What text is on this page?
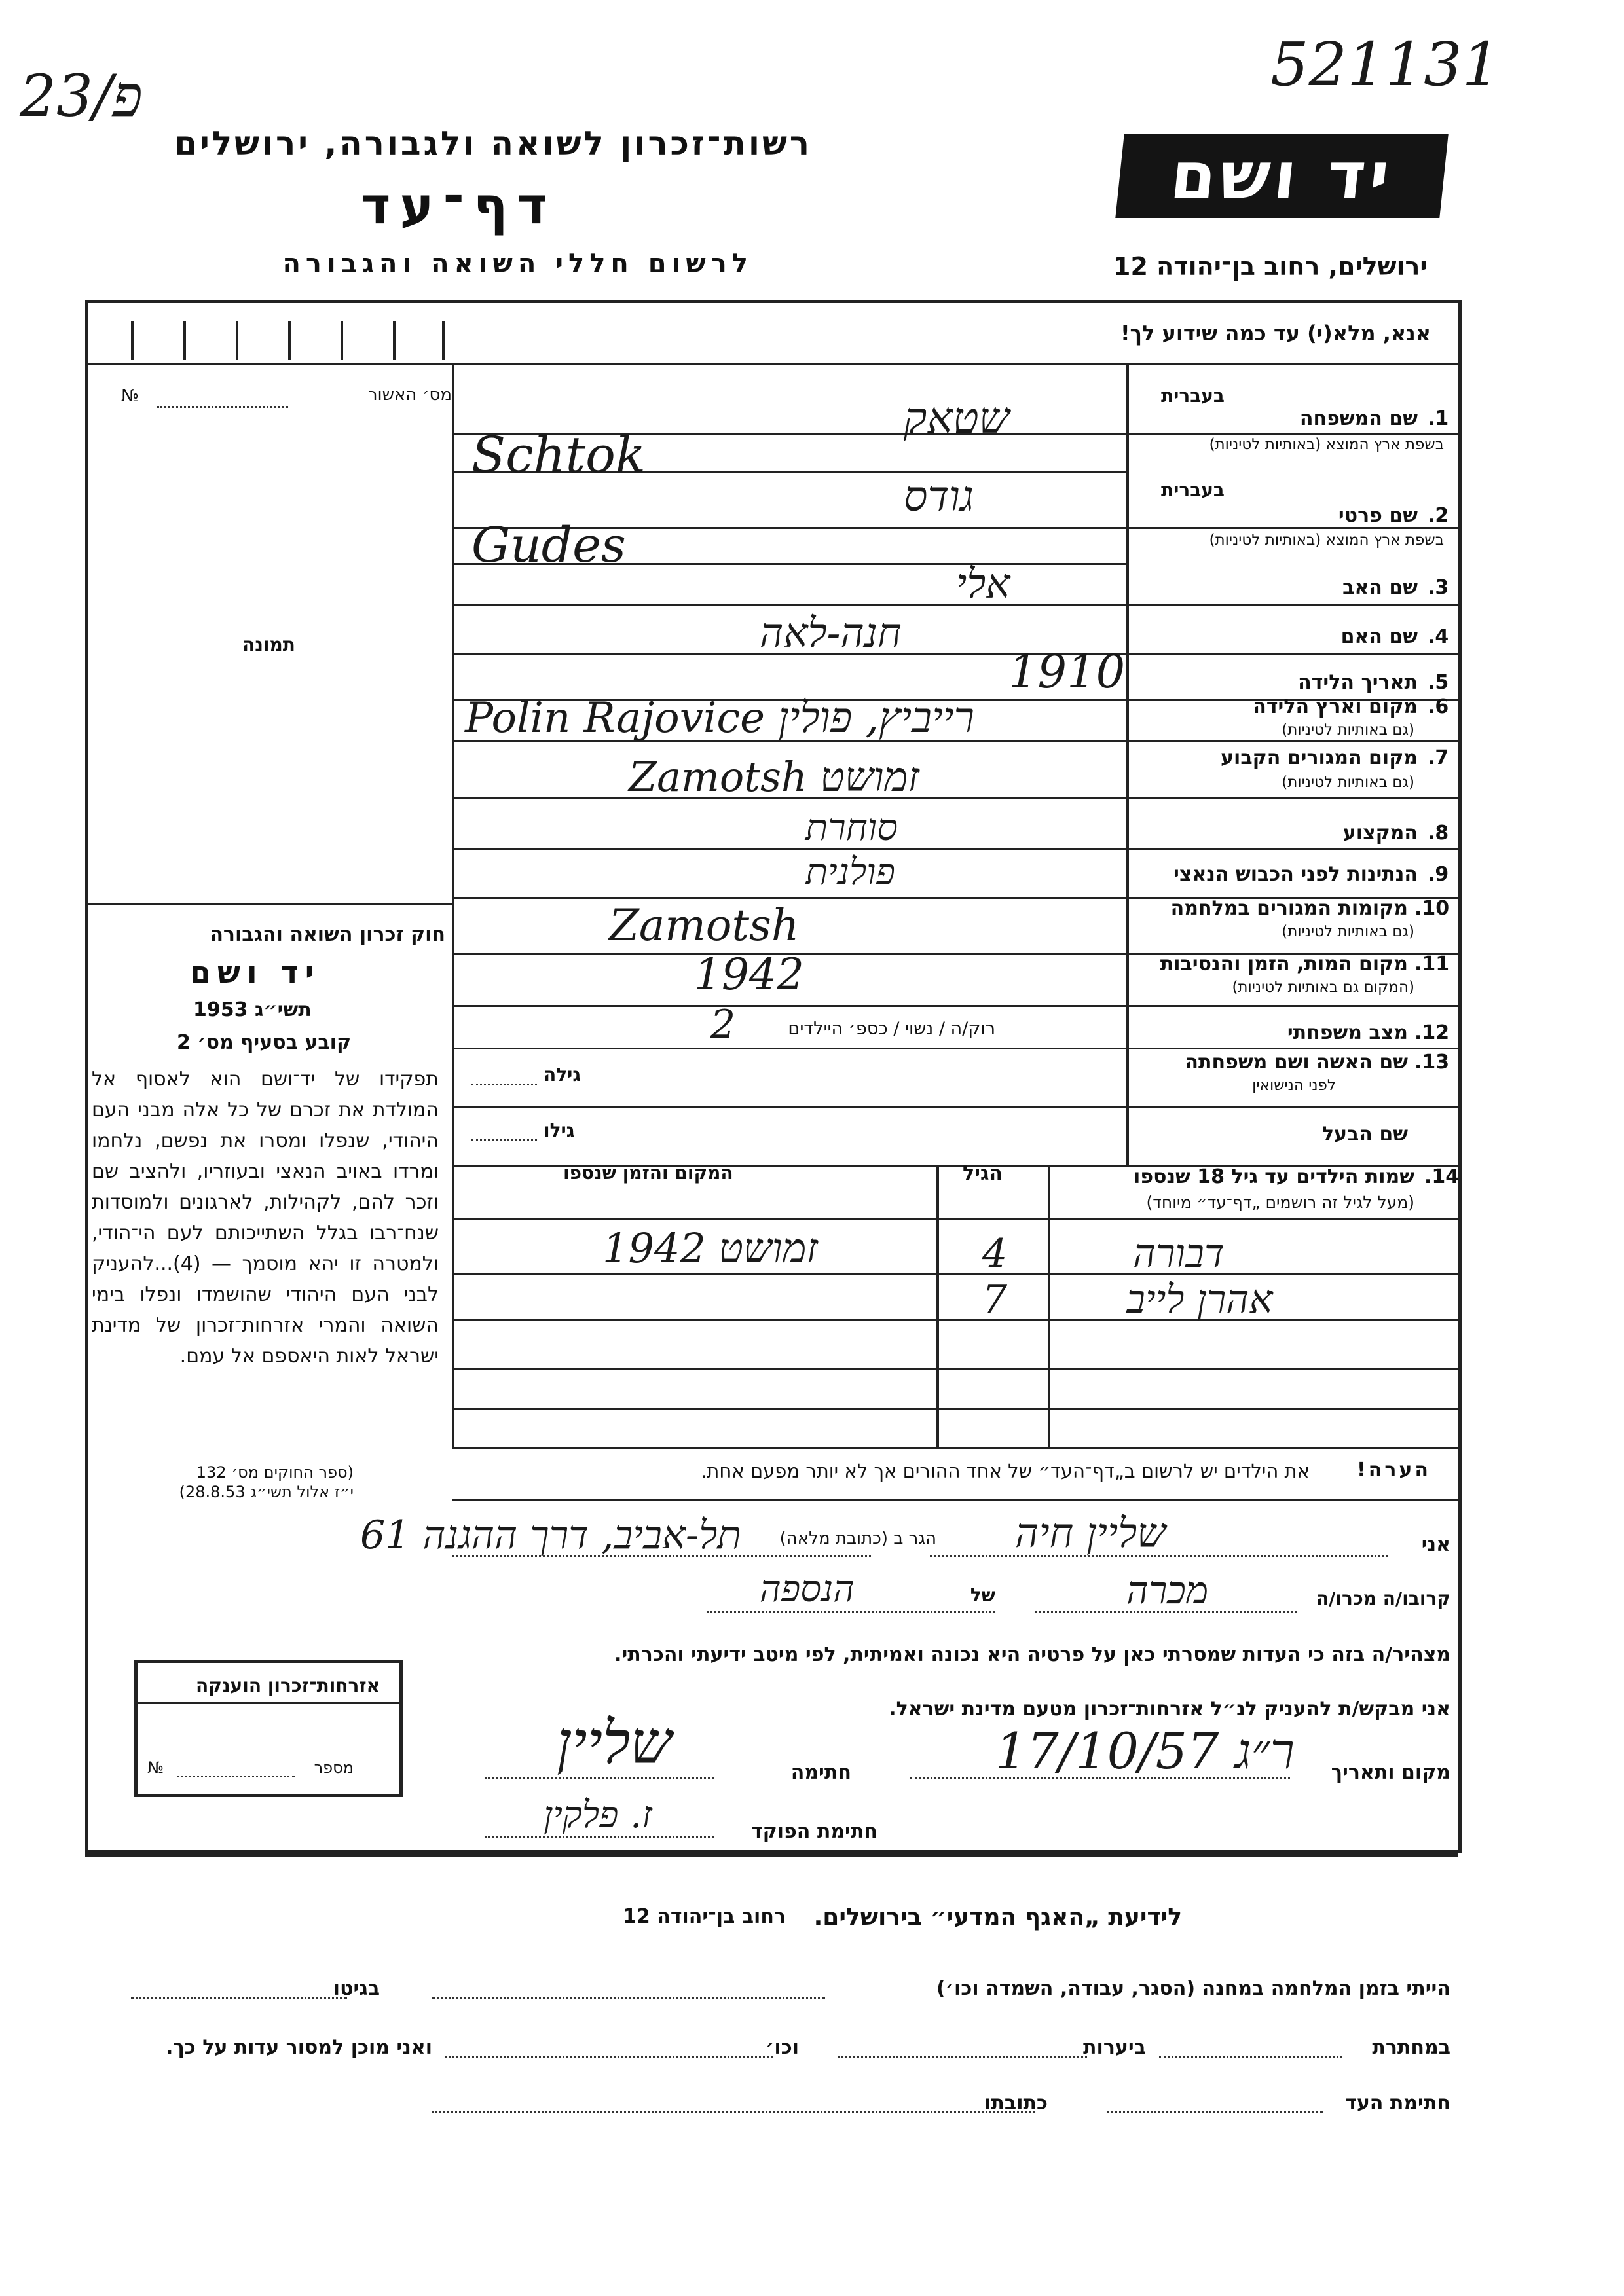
23/פ	521131
רשות־זכרון לשואה ולגבורה, ירושלים
דף־עד
לרשום חללי השואה והגבורה
יד ושם
ירושלים, רחוב בן־יהודה 12
אנא, מלא(י) עד כמה שידוע לך!
מס׳ האשור
№
תמונה
1.
בעברית
שם המשפחה
בשפת ארץ המוצא (באותיות לטיניות)
שטאק
Schtok
2.
בעברית
שם פרטי
בשפת ארץ המוצא (באותיות לטיניות)
גודס
Gudes
3.
שם האב
אלי
4.
שם האם
חנה-לאה
5.
תאריך הלידה
1910
6.
מקום וארץ הלידה
(גם באותיות לטיניות)
Polin Rajovice רייביץ, פולין
7.
מקום המגורים הקבוע
(גם באותיות לטיניות)
Zamotsh זמושט
8.
המקצוע
סוחרת
9.
הנתינות לפני הכבוש הנאצי
פולנית
10.
מקומות המגורים במלחמה
(גם באותיות לטיניות)
Zamotsh
11.
מקום המות, הזמן והנסיבות
(המקום גם באותיות לטיניות)
1942
12.
מצב משפחתי
רוק/ה / נשוי / כספ׳ היילדים
2
13.
שם האשה ושם משפחתה
לפני הנישואין
גילה
שם הבעל
גילו
14.
שמות הילדים עד גיל 18 שנספו
(מעל לגיל זה רושמים „דף־עד״ מיוחד)
הגיל
המקום והזמן שנספו
דבורה
4
זמושט 1942
אהרן לייב
7
הערה!
את הילדים יש לרשום ב„דף־העד״ של אחד ההורים אך לא יותר מפעם אחת.
חוק זכרון השואה והגבורה
יד ושם
תשי״ג 1953
קובע בסעיף מס׳ 2
תפקידו של יד־ושם הוא לאסוף אל המולדת את זכרם של כל אלה מבני העם היהודי, שנפלו ומסרו את נפשם, נלחמו ומרדו באויב הנאצי ובעוזריו, ולהציב שם וזכר להם, לקהילות, לארגונים ולמוסדות שנח־רבו בגלל השתייכותם לעם הי־הודי, ולמטרה זו יהא מוסמך — (4)...להעניק לבני העם היהודי שהושמדו ונפלו בימי השואה והמרי אזרחות־זכרון של מדינת ישראל לאות היאספם אל עמם.
(ספר החוקים מס׳ 132
י״ז אלול תשי״ג 28.8.53)
אזרחות־זכרון הוענקה
מספר
№
אני
שליין חיה
הגר ב (כתובת מלאה)
תל-אביב, דרך ההגנה 61
קרובו/ה מכרו/ה
מכרה
של
הנספה
מצהיר/ה בזה כי העדות שמסרתי כאן על פרטיה היא נכונה ואמיתית, לפי מיטב ידיעתי והכרתי.
אני מבקש/ת להעניק לנ״ל אזרחות־זכרון מטעם מדינת ישראל.
מקום ותאריך
ר״ג 17/10/57
חתימה
שליין
חתימת הפוקד
ז. פלקין
לידיעת „האגף המדעי״ בירושלים.
רחוב בן־יהודה 12
הייתי בזמן המלחמה במחנה (הסגר, עבודה, השמדה וכו׳)
בגיטו
במחתרת
ביערות
וכו׳
ואני מוכן למסור עדות על כך.
חתימת העד
כתובתו
